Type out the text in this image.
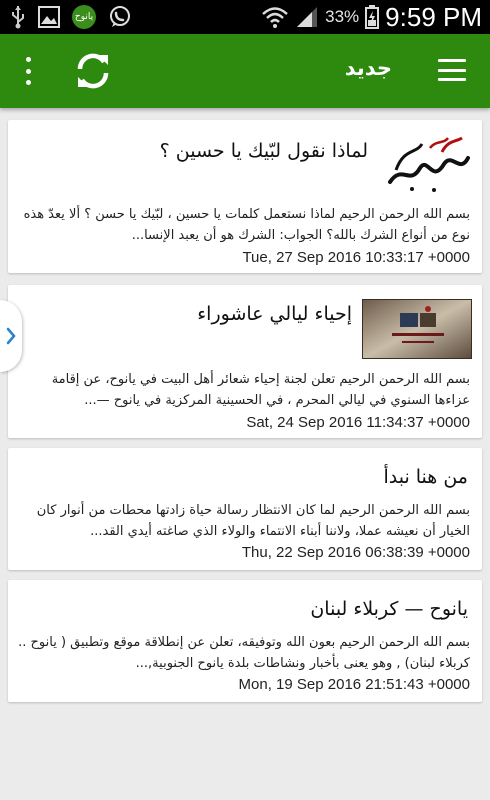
يانوح	33% 9:59 PM
جديد
لماذا نقول لبّيك يا حسين ؟
بسم الله الرحمن الرحيم لماذا نستعمل كلمات يا حسين ، لبّيك يا حسن ؟ ألا يعدّ هذه نوع من أنواع الشرك بالله؟ الجواب: الشرك هو أن يعبد الإنسا...
Tue, 27 Sep 2016 10:33:17 +0000
إحياء ليالي عاشوراء
بسم الله الرحمن الرحيم تعلن لجنة إحياء شعائر أهل البيت في يانوح، عن إقامة عزاءها السنوي في ليالي المحرم ، في الحسينية المركزية في يانوح —...
Sat, 24 Sep 2016 11:34:37 +0000
من هنا نبدأ
بسم الله الرحمن الرحيم لما كان الانتظار رسالة حياة زادتها محطات من أنوار كان الخيار أن نعيشه عملا، ولاننا أبناء الانتماء والولاء الذي صاغته أيدي القد...
Thu, 22 Sep 2016 06:38:39 +0000
يانوح — كربلاء لبنان
بسم الله الرحمن الرحيم بعون الله وتوفيقه، تعلن عن إنطلاقة موقع وتطبيق ( يانوح .. كربلاء لبنان) , وهو يعنى بأخبار ونشاطات بلدة يانوح الجنوبية,...
Mon, 19 Sep 2016 21:51:43 +0000
